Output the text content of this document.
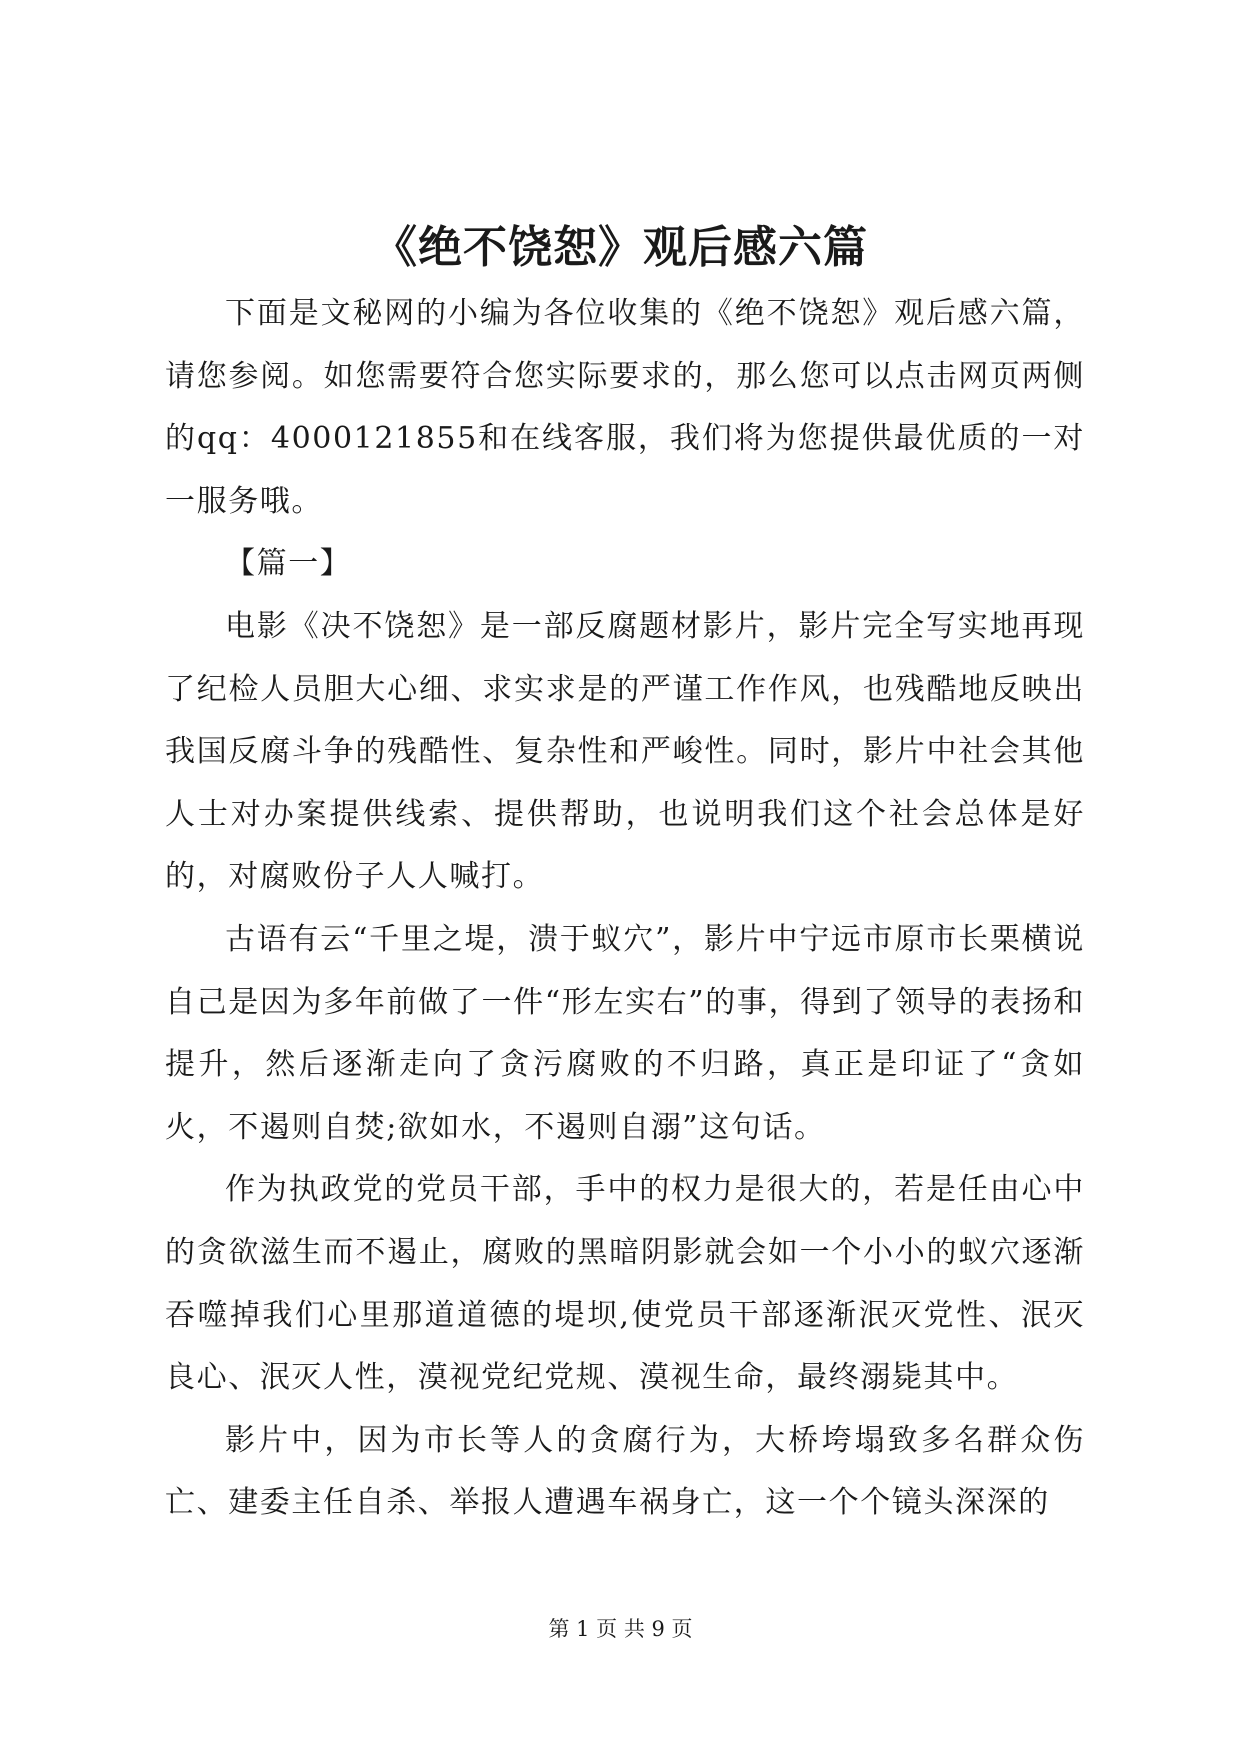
《绝不饶恕》观后感六篇

下面是文秘网的小编为各位收集的《绝不饶恕》观后感六篇，请您参阅。如您需要符合您实际要求的，那么您可以点击网页两侧的qq：4000121855和在线客服，我们将为您提供最优质的一对一服务哦。

【篇一】

电影《决不饶恕》是一部反腐题材影片，影片完全写实地再现了纪检人员胆大心细、求实求是的严谨工作作风，也残酷地反映出我国反腐斗争的残酷性、复杂性和严峻性。同时，影片中社会其他人士对办案提供线索、提供帮助，也说明我们这个社会总体是好的，对腐败份子人人喊打。

古语有云“千里之堤，溃于蚁穴”，影片中宁远市原市长栗横说自己是因为多年前做了一件“形左实右”的事，得到了领导的表扬和提升，然后逐渐走向了贪污腐败的不归路，真正是印证了“贪如火，不遏则自焚;欲如水，不遏则自溺”这句话。

作为执政党的党员干部，手中的权力是很大的，若是任由心中的贪欲滋生而不遏止，腐败的黑暗阴影就会如一个小小的蚁穴逐渐吞噬掉我们心里那道道德的堤坝,使党员干部逐渐泯灭党性、泯灭良心、泯灭人性，漠视党纪党规、漠视生命，最终溺毙其中。

影片中，因为市长等人的贪腐行为，大桥垮塌致多名群众伤亡、建委主任自杀、举报人遭遇车祸身亡，这一个个镜头深深的

第 1 页 共 9 页
